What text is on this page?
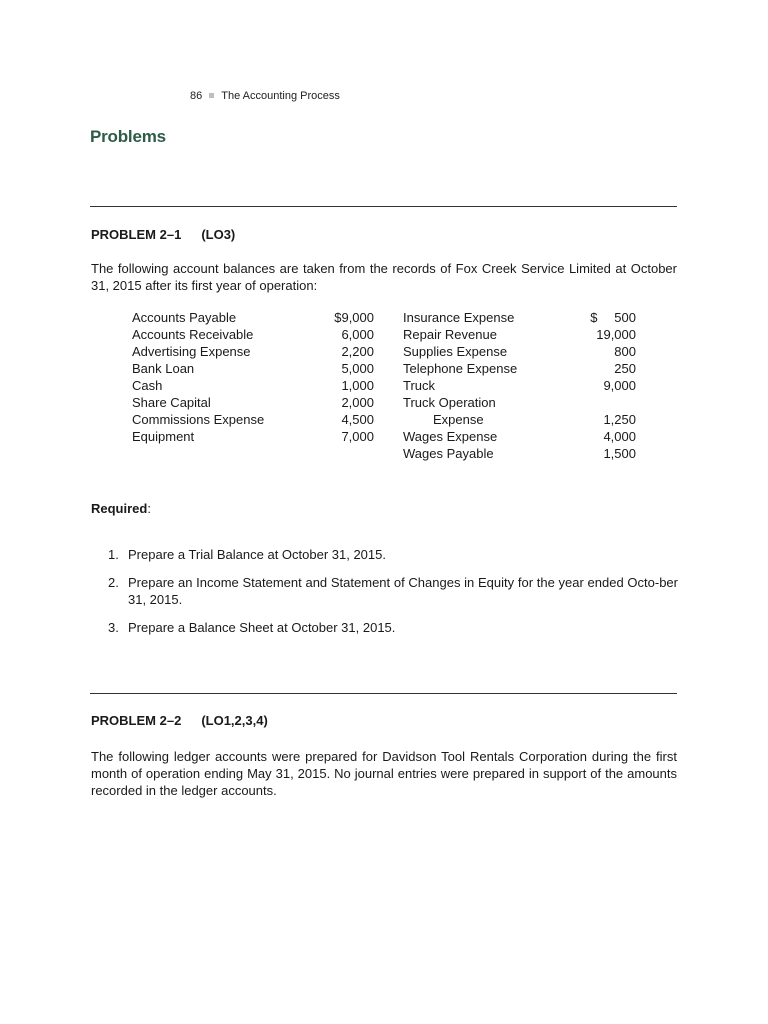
86 The Accounting Process
Problems

PROBLEM 2–1 (LO3)

The following account balances are taken from the records of Fox Creek Service Limited at October 31, 2015 after its first year of operation:

Accounts Payable
Accounts Receivable
Advertising Expense
Bank Loan
Cash
Share Capital
Commissions Expense
Equipment
$9,000
6,000
2,200
5,000
1,000
2,000
4,500
7,000
Insurance Expense
Repair Revenue
Supplies Expense
Telephone Expense
Truck
Truck Operation
Expense
Wages Expense
Wages Payable
$ 500
19,000
800
250
9,000
1,250
4,000
1,500

Required:

1. Prepare a Trial Balance at October 31, 2015.
2. Prepare an Income Statement and Statement of Changes in Equity for the year ended Octo-ber 31, 2015.
3. Prepare a Balance Sheet at October 31, 2015.

PROBLEM 2–2 (LO1,2,3,4)

The following ledger accounts were prepared for Davidson Tool Rentals Corporation during the first month of operation ending May 31, 2015. No journal entries were prepared in support of the amounts recorded in the ledger accounts.
